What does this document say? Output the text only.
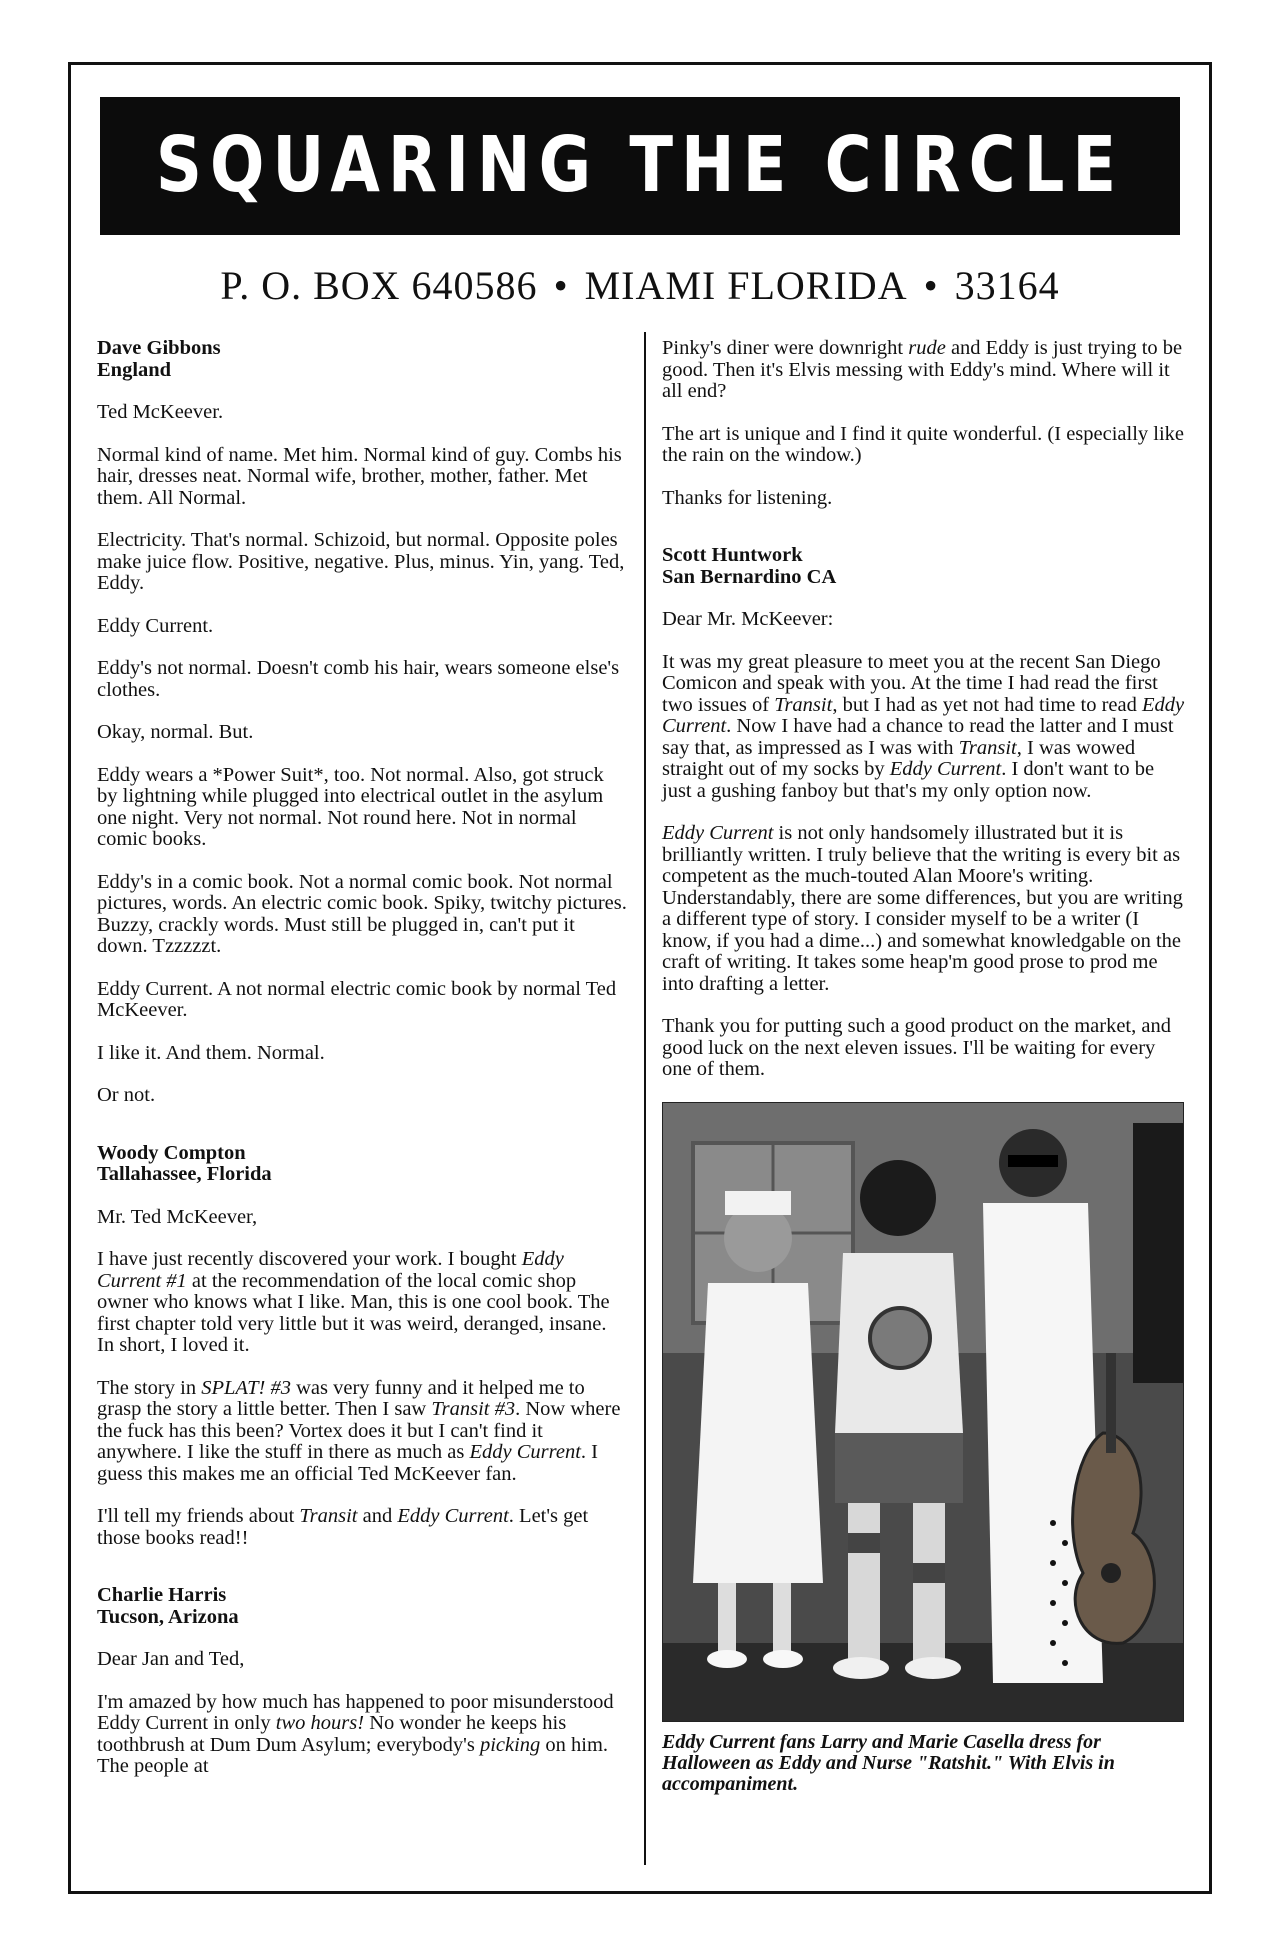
SQUARING THE CIRCLE
P. O. BOX 640586 • MIAMI FLORIDA • 33164

Dave Gibbons
England

Ted McKeever.

Normal kind of name. Met him. Normal kind of guy. Combs his hair, dresses neat. Normal wife, brother, mother, father. Met them. All Normal.

Electricity. That's normal. Schizoid, but normal. Opposite poles make juice flow. Positive, negative. Plus, minus. Yin, yang. Ted, Eddy.

Eddy Current.

Eddy's not normal. Doesn't comb his hair, wears someone else's clothes.

Okay, normal. But.

Eddy wears a *Power Suit*, too. Not normal. Also, got struck by lightning while plugged into electrical outlet in the asylum one night. Very not normal. Not round here. Not in normal comic books.

Eddy's in a comic book. Not a normal comic book. Not normal pictures, words. An electric comic book. Spiky, twitchy pictures. Buzzy, crackly words. Must still be plugged in, can't put it down. Tzzzzzt.

Eddy Current. A not normal electric comic book by normal Ted McKeever.

I like it. And them. Normal.

Or not.

Woody Compton
Tallahassee, Florida

Mr. Ted McKeever,

I have just recently discovered your work. I bought Eddy Current #1 at the recommendation of the local comic shop owner who knows what I like. Man, this is one cool book. The first chapter told very little but it was weird, deranged, insane. In short, I loved it.

The story in SPLAT! #3 was very funny and it helped me to grasp the story a little better. Then I saw Transit #3. Now where the fuck has this been? Vortex does it but I can't find it anywhere. I like the stuff in there as much as Eddy Current. I guess this makes me an official Ted McKeever fan.

I'll tell my friends about Transit and Eddy Current. Let's get those books read!!

Charlie Harris
Tucson, Arizona

Dear Jan and Ted,

I'm amazed by how much has happened to poor misunderstood Eddy Current in only two hours! No wonder he keeps his toothbrush at Dum Dum Asylum; everybody's picking on him. The people at

Pinky's diner were downright rude and Eddy is just trying to be good. Then it's Elvis messing with Eddy's mind. Where will it all end?

The art is unique and I find it quite wonderful. (I especially like the rain on the window.)

Thanks for listening.

Scott Huntwork
San Bernardino CA

Dear Mr. McKeever:

It was my great pleasure to meet you at the recent San Diego Comicon and speak with you. At the time I had read the first two issues of Transit, but I had as yet not had time to read Eddy Current. Now I have had a chance to read the latter and I must say that, as impressed as I was with Transit, I was wowed straight out of my socks by Eddy Current. I don't want to be just a gushing fanboy but that's my only option now.

Eddy Current is not only handsomely illustrated but it is brilliantly written. I truly believe that the writing is every bit as competent as the much-touted Alan Moore's writing. Understandably, there are some differences, but you are writing a different type of story. I consider myself to be a writer (I know, if you had a dime...) and somewhat knowledgable on the craft of writing. It takes some heap'm good prose to prod me into drafting a letter.

Thank you for putting such a good product on the market, and good luck on the next eleven issues. I'll be waiting for every one of them.

Eddy Current fans Larry and Marie Casella dress for Halloween as Eddy and Nurse "Ratshit." With Elvis in accompaniment.
